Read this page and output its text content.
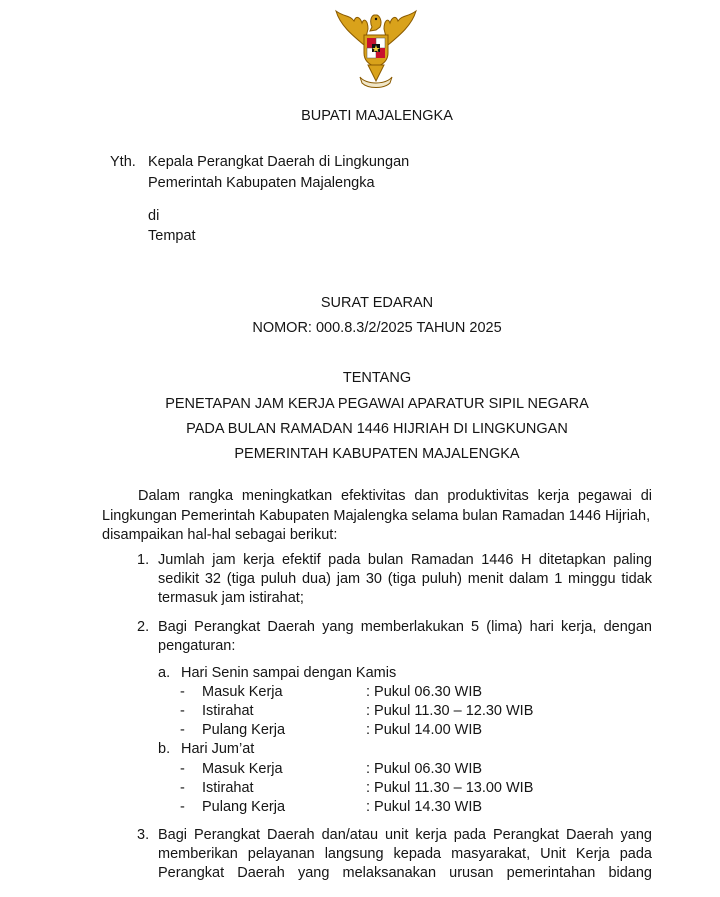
BUPATI MAJALENGKA
Yth. Kepala Perangkat Daerah di Lingkungan
Pemerintah Kabupaten Majalengka
di
Tempat
SURAT EDARAN
NOMOR: 000.8.3/2/2025 TAHUN 2025
TENTANG
PENETAPAN JAM KERJA PEGAWAI APARATUR SIPIL NEGARA
PADA BULAN RAMADAN 1446 HIJRIAH DI LINGKUNGAN
PEMERINTAH KABUPATEN MAJALENGKA
Dalam rangka meningkatkan efektivitas dan produktivitas kerja pegawai di
Lingkungan Pemerintah Kabupaten Majalengka selama bulan Ramadan 1446 Hijriah,
disampaikan hal-hal sebagai berikut:
1. Jumlah jam kerja efektif pada bulan Ramadan 1446 H ditetapkan paling
sedikit 32 (tiga puluh dua) jam 30 (tiga puluh) menit dalam 1 minggu tidak
termasuk jam istirahat;
2. Bagi Perangkat Daerah yang memberlakukan 5 (lima) hari kerja, dengan
pengaturan:
a. Hari Senin sampai dengan Kamis
- Masuk Kerja	: Pukul 06.30 WIB
- Istirahat	: Pukul 11.30 – 12.30 WIB
- Pulang Kerja	: Pukul 14.00 WIB
b. Hari Jum’at
- Masuk Kerja	: Pukul 06.30 WIB
- Istirahat	: Pukul 11.30 – 13.00 WIB
- Pulang Kerja	: Pukul 14.30 WIB
3. Bagi Perangkat Daerah dan/atau unit kerja pada Perangkat Daerah yang
memberikan pelayanan langsung kepada masyarakat, Unit Kerja pada
Perangkat Daerah yang melaksanakan urusan pemerintahan bidang
